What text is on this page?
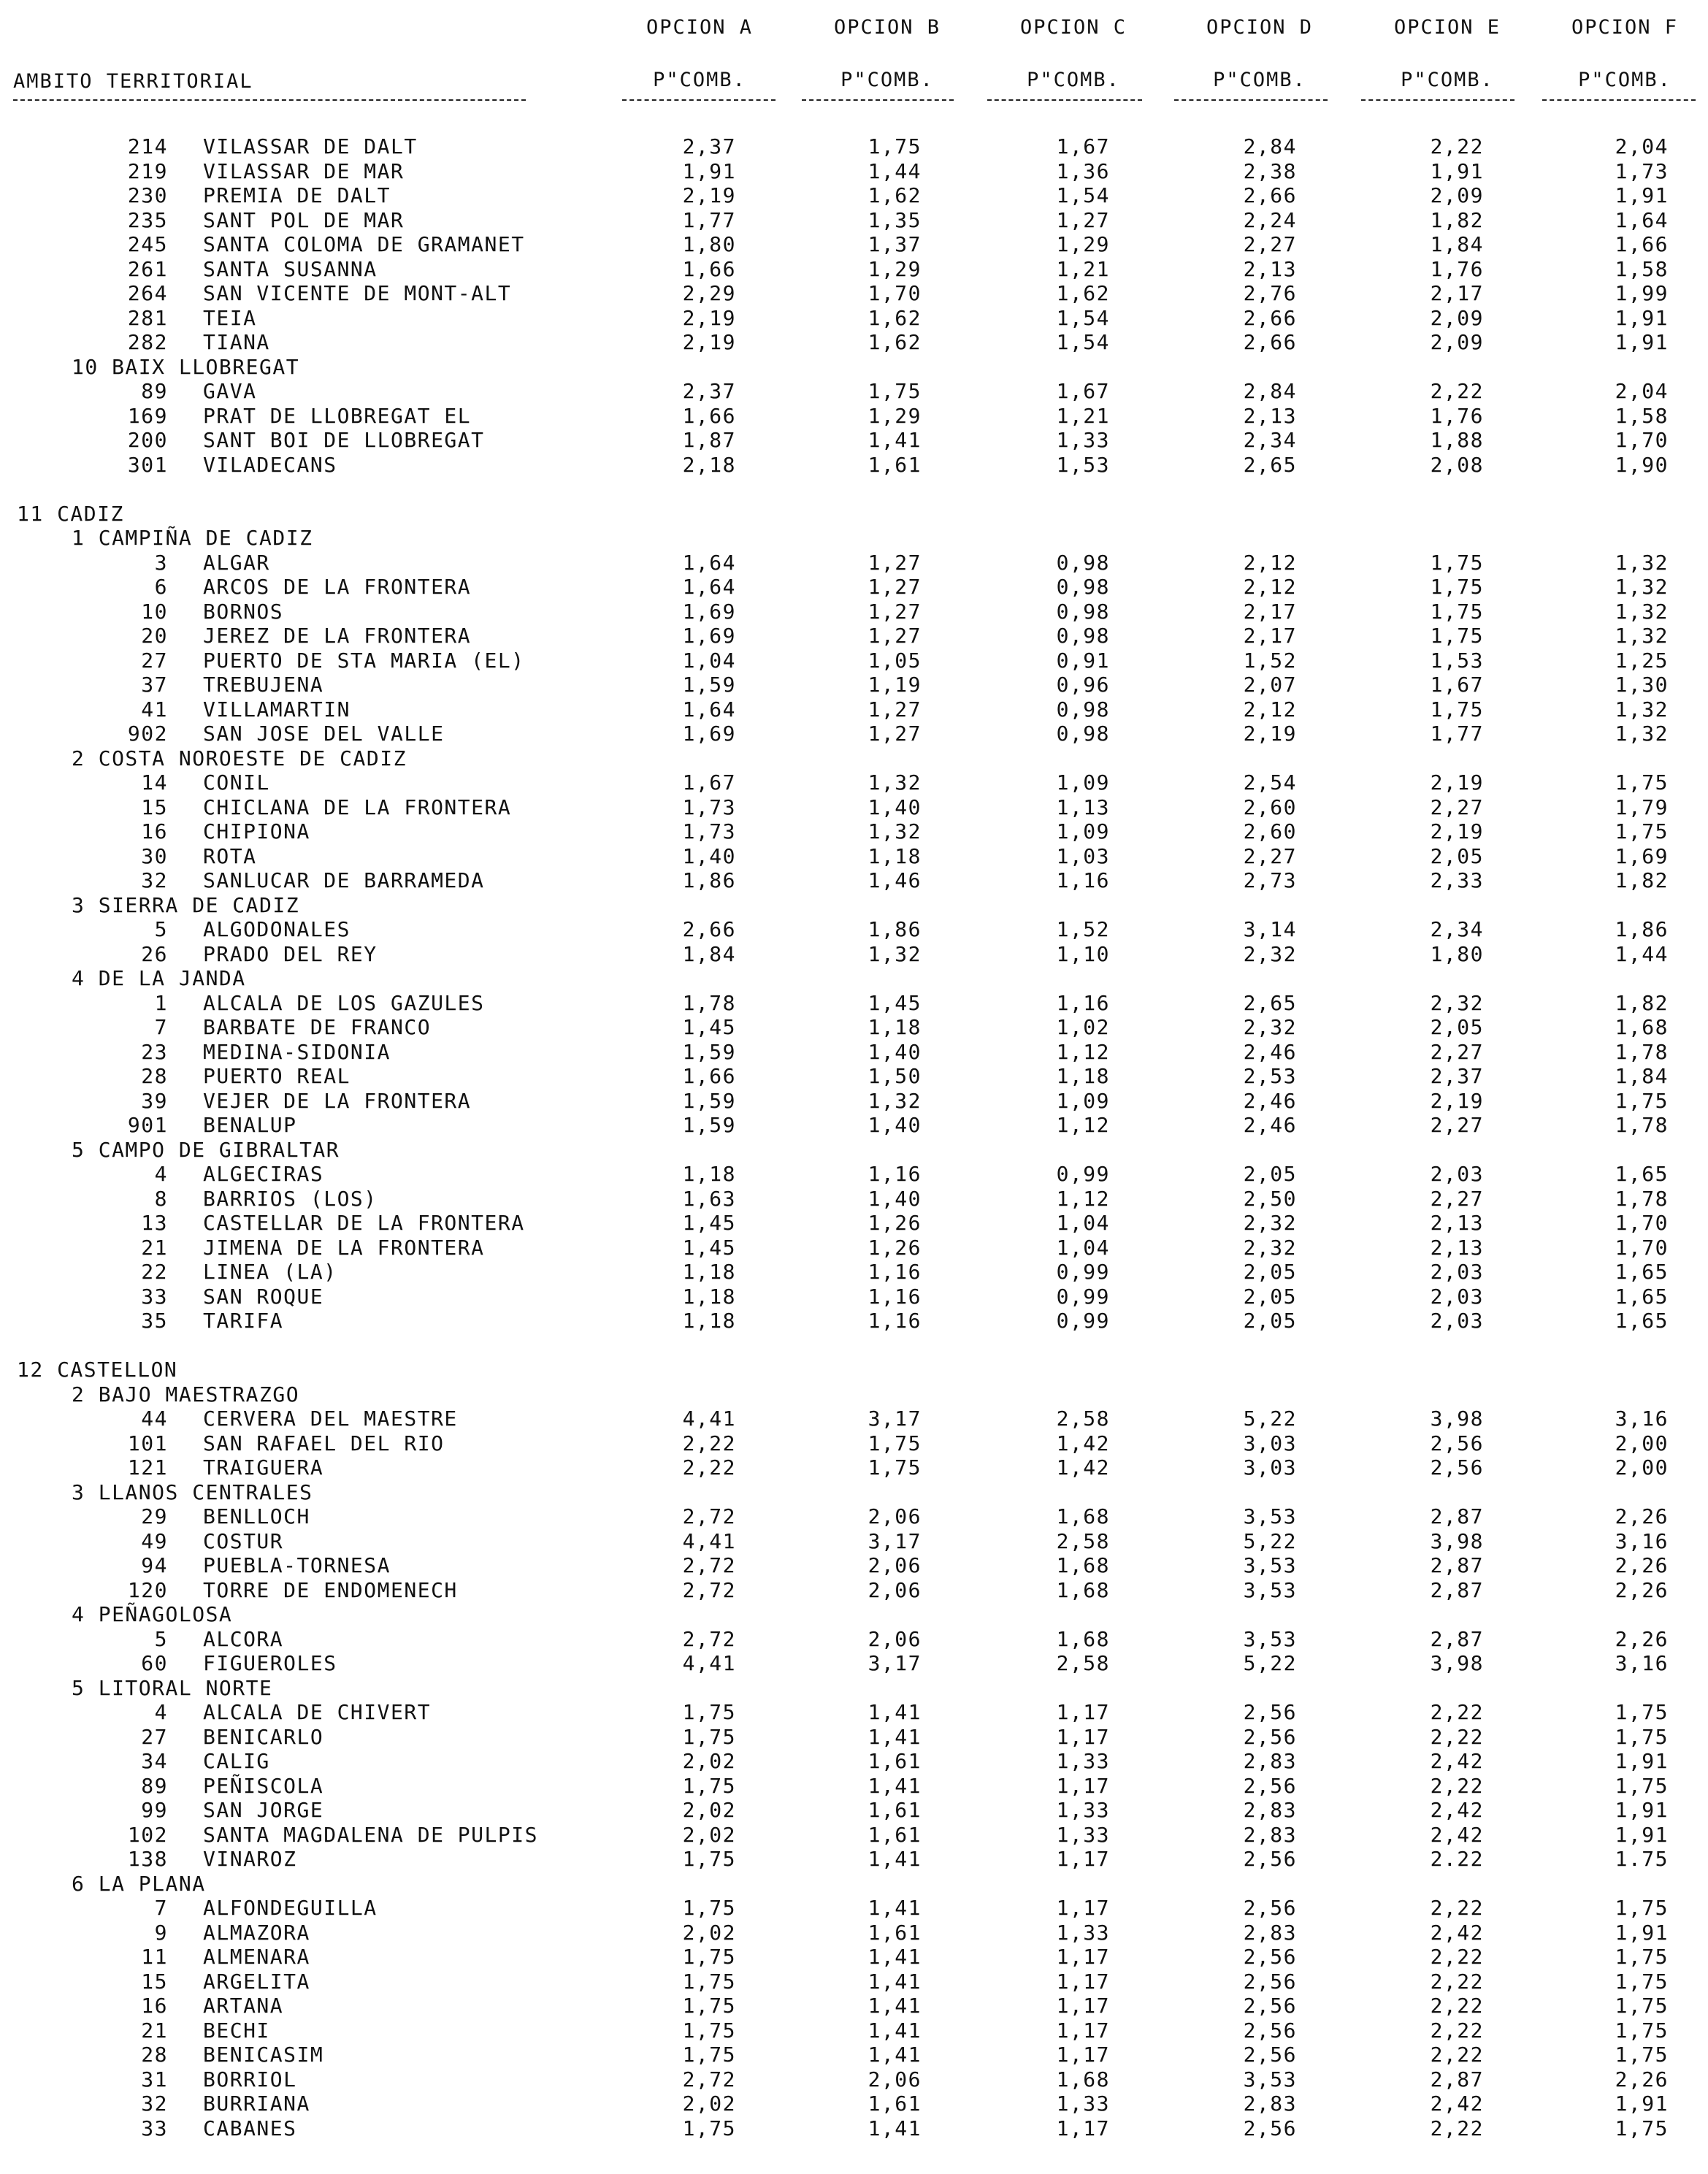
OPCION A	OPCION B	OPCION C	OPCION D	OPCION E	OPCION F
AMBITO TERRITORIAL	P"COMB.	P"COMB.	P"COMB.	P"COMB.	P"COMB.	P"COMB.
214 VILASSAR DE DALT	2,37	1,75	1,67	2,84	2,22	2,04
219 VILASSAR DE MAR	1,91	1,44	1,36	2,38	1,91	1,73
230 PREMIA DE DALT	2,19	1,62	1,54	2,66	2,09	1,91
235 SANT POL DE MAR	1,77	1,35	1,27	2,24	1,82	1,64
245 SANTA COLOMA DE GRAMANET	1,80	1,37	1,29	2,27	1,84	1,66
261 SANTA SUSANNA	1,66	1,29	1,21	2,13	1,76	1,58
264 SAN VICENTE DE MONT-ALT	2,29	1,70	1,62	2,76	2,17	1,99
281 TEIA	2,19	1,62	1,54	2,66	2,09	1,91
282 TIANA	2,19	1,62	1,54	2,66	2,09	1,91
10 BAIX LLOBREGAT
89 GAVA	2,37	1,75	1,67	2,84	2,22	2,04
169 PRAT DE LLOBREGAT EL	1,66	1,29	1,21	2,13	1,76	1,58
200 SANT BOI DE LLOBREGAT	1,87	1,41	1,33	2,34	1,88	1,70
301 VILADECANS	2,18	1,61	1,53	2,65	2,08	1,90
11 CADIZ
1 CAMPIÑA DE CADIZ
3 ALGAR	1,64	1,27	0,98	2,12	1,75	1,32
6 ARCOS DE LA FRONTERA	1,64	1,27	0,98	2,12	1,75	1,32
10 BORNOS	1,69	1,27	0,98	2,17	1,75	1,32
20 JEREZ DE LA FRONTERA	1,69	1,27	0,98	2,17	1,75	1,32
27 PUERTO DE STA MARIA (EL)	1,04	1,05	0,91	1,52	1,53	1,25
37 TREBUJENA	1,59	1,19	0,96	2,07	1,67	1,30
41 VILLAMARTIN	1,64	1,27	0,98	2,12	1,75	1,32
902 SAN JOSE DEL VALLE	1,69	1,27	0,98	2,19	1,77	1,32
2 COSTA NOROESTE DE CADIZ
14 CONIL	1,67	1,32	1,09	2,54	2,19	1,75
15 CHICLANA DE LA FRONTERA	1,73	1,40	1,13	2,60	2,27	1,79
16 CHIPIONA	1,73	1,32	1,09	2,60	2,19	1,75
30 ROTA	1,40	1,18	1,03	2,27	2,05	1,69
32 SANLUCAR DE BARRAMEDA	1,86	1,46	1,16	2,73	2,33	1,82
3 SIERRA DE CADIZ
5 ALGODONALES	2,66	1,86	1,52	3,14	2,34	1,86
26 PRADO DEL REY	1,84	1,32	1,10	2,32	1,80	1,44
4 DE LA JANDA
1 ALCALA DE LOS GAZULES	1,78	1,45	1,16	2,65	2,32	1,82
7 BARBATE DE FRANCO	1,45	1,18	1,02	2,32	2,05	1,68
23 MEDINA-SIDONIA	1,59	1,40	1,12	2,46	2,27	1,78
28 PUERTO REAL	1,66	1,50	1,18	2,53	2,37	1,84
39 VEJER DE LA FRONTERA	1,59	1,32	1,09	2,46	2,19	1,75
901 BENALUP	1,59	1,40	1,12	2,46	2,27	1,78
5 CAMPO DE GIBRALTAR
4 ALGECIRAS	1,18	1,16	0,99	2,05	2,03	1,65
8 BARRIOS (LOS)	1,63	1,40	1,12	2,50	2,27	1,78
13 CASTELLAR DE LA FRONTERA	1,45	1,26	1,04	2,32	2,13	1,70
21 JIMENA DE LA FRONTERA	1,45	1,26	1,04	2,32	2,13	1,70
22 LINEA (LA)	1,18	1,16	0,99	2,05	2,03	1,65
33 SAN ROQUE	1,18	1,16	0,99	2,05	2,03	1,65
35 TARIFA	1,18	1,16	0,99	2,05	2,03	1,65
12 CASTELLON
2 BAJO MAESTRAZGO
44 CERVERA DEL MAESTRE	4,41	3,17	2,58	5,22	3,98	3,16
101 SAN RAFAEL DEL RIO	2,22	1,75	1,42	3,03	2,56	2,00
121 TRAIGUERA	2,22	1,75	1,42	3,03	2,56	2,00
3 LLANOS CENTRALES
29 BENLLOCH	2,72	2,06	1,68	3,53	2,87	2,26
49 COSTUR	4,41	3,17	2,58	5,22	3,98	3,16
94 PUEBLA-TORNESA	2,72	2,06	1,68	3,53	2,87	2,26
120 TORRE DE ENDOMENECH	2,72	2,06	1,68	3,53	2,87	2,26
4 PEÑAGOLOSA
5 ALCORA	2,72	2,06	1,68	3,53	2,87	2,26
60 FIGUEROLES	4,41	3,17	2,58	5,22	3,98	3,16
5 LITORAL NORTE
4 ALCALA DE CHIVERT	1,75	1,41	1,17	2,56	2,22	1,75
27 BENICARLO	1,75	1,41	1,17	2,56	2,22	1,75
34 CALIG	2,02	1,61	1,33	2,83	2,42	1,91
89 PEÑISCOLA	1,75	1,41	1,17	2,56	2,22	1,75
99 SAN JORGE	2,02	1,61	1,33	2,83	2,42	1,91
102 SANTA MAGDALENA DE PULPIS	2,02	1,61	1,33	2,83	2,42	1,91
138 VINAROZ	1,75	1,41	1,17	2,56	2.22	1.75
6 LA PLANA
7 ALFONDEGUILLA	1,75	1,41	1,17	2,56	2,22	1,75
9 ALMAZORA	2,02	1,61	1,33	2,83	2,42	1,91
11 ALMENARA	1,75	1,41	1,17	2,56	2,22	1,75
15 ARGELITA	1,75	1,41	1,17	2,56	2,22	1,75
16 ARTANA	1,75	1,41	1,17	2,56	2,22	1,75
21 BECHI	1,75	1,41	1,17	2,56	2,22	1,75
28 BENICASIM	1,75	1,41	1,17	2,56	2,22	1,75
31 BORRIOL	2,72	2,06	1,68	3,53	2,87	2,26
32 BURRIANA	2,02	1,61	1,33	2,83	2,42	1,91
33 CABANES	1,75	1,41	1,17	2,56	2,22	1,75
